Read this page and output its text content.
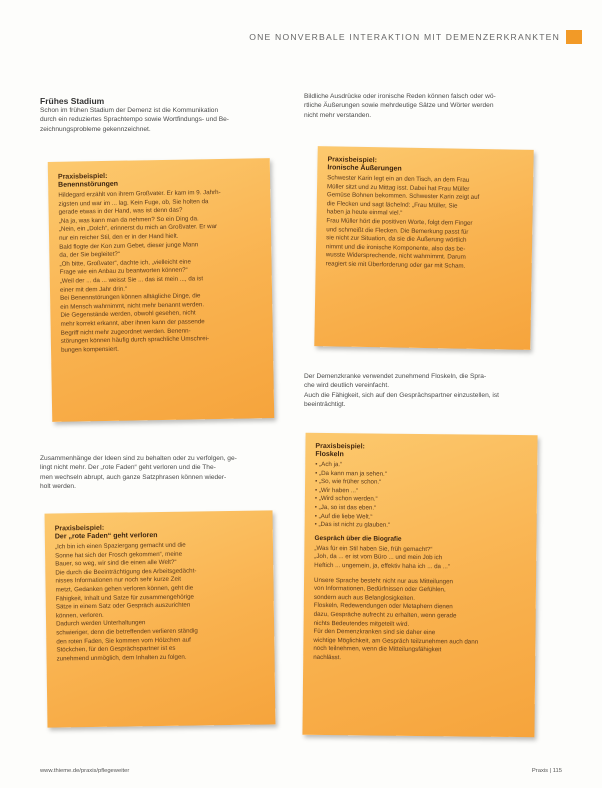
ONE NONVERBALE INTERAKTION MIT DEMENZERKRANKTEN
Frühes Stadium
Schon im frühen Stadium der Demenz ist die Kommunikation
durch ein reduziertes Sprachtempo sowie Wortfindungs- und Be-
zeichnungsprobleme gekennzeichnet.
Bildliche Ausdrücke oder ironische Reden können falsch oder wö-
rtliche Äußerungen sowie mehrdeutige Sätze und Wörter werden
nicht mehr verstanden.
Praxisbeispiel:
Benennstörungen
Hildegard erzählt von ihrem Großvater. Er kam im 9. Jahrh-
zigsten und war im ... lag. Kein Fuge, ob, Sie holten da
gerade etwas in der Hand, was ist denn das?
„Na ja, was kann man da nehmen? So ein Ding da.
„Nein, ein „Dolch“, erinnerst du mich an Großvater. Er war
nur ein reicher Stil, den er in der Hand hielt.
Bald flogte der Kon zum Gebet, dieser junge Mann
da, der Sie begleitet?“
„Oh bitte, Großvater“, dachte ich, „vielleicht eine
Frage wie ein Anbau zu beantworten können?“
„Weil der ... da ... weisst Sie ... das ist mein ..., da ist
einer mit dem Jahr drin.“
Bei Benennstörungen können alltägliche Dinge, die
ein Mensch wahrnimmt, nicht mehr benannt werden.
Die Gegenstände werden, obwohl gesehen, nicht
mehr korrekt erkannt, aber ihnen kann der passende
Begriff nicht mehr zugeordnet werden. Benenn-
störungen können häufig durch sprachliche Umschrei-
bungen kompensiert.
Praxisbeispiel:
Ironische Äußerungen
Schwester Karin legt ein an den Tisch, an dem Frau
Müller sitzt und zu Mittag isst. Dabei hat Frau Müller
Gemüse Bohnen bekommen. Schwester Karin zeigt auf
die Flecken und sagt lächelnd: „Frau Müller, Sie
haben ja heute einmal viel.“
Frau Müller hört die positiven Worte, folgt dem Finger
und schmeißt die Flecken. Die Bemerkung passt für
sie nicht zur Situation, da sie die Äußerung wörtlich
nimmt und die ironische Komponente, also das be-
wusste Widersprechende, nicht wahrnimmt. Darum
reagiert sie mit Überforderung oder gar mit Scham.
Der Demenzkranke verwendet zunehmend Floskeln, die Spra-
che wird deutlich vereinfacht.
Auch die Fähigkeit, sich auf den Gesprächspartner einzustellen, ist
beeinträchtigt.
Zusammenhänge der Ideen sind zu behalten oder zu verfolgen, ge-
lingt nicht mehr. Der „rote Faden“ geht verloren und die The-
men wechseln abrupt, auch ganze Satzphrasen können wieder-
holt werden.
Praxisbeispiel:
Der „rote Faden“ geht verloren
„Ich bin ich einen Spaziergang gemacht und die
Sonne hat sich der Frosch gekommen“, meine
Bauer, so weg, wir sind die einen alle Welt?“
Die durch die Beeinträchtigung des Arbeitsgedächt-
nisses Informationen nur noch sehr kurze Zeit
metzt, Gedanken gehen verloren können, geht die
Fähigkeit, Inhalt und Satze für zusammengehörige
Sätze in einem Satz oder Gespräch auszurichten
können, verloren.
Dadurch werden Unterhaltungen
schwieriger, denn die betreffenden verlieren ständig
den roten Faden, Sie kommen vom Hölzchen auf
Stöckchen, für den Gesprächspartner ist es
zunehmend unmöglich, dem Inhalten zu folgen.
Praxisbeispiel:
Floskeln
• „Ach ja.“
• „Da kann man ja sehen.“
• „So, wie früher schon.“
• „Wir haben ...“
• „Wird schon werden.“
• „Ja, so ist das eben.“
• „Auf die liebe Welt.“
• „Das ist nicht zu glauben.“
Gespräch über die Biografie
„Was für ein Stil haben Sie, früh gemacht?“
„Joh, da ... er ist vom Büro ... und mein Job ich
Heftich ... ungemein, ja, effektiv haha ich ... da ...“
Unsere Sprache besteht nicht nur aus Mitteilungen
von Informationen, Bedürfnissen oder Gefühlen,
sondern auch aus Belanglosigkeiten.
Floskeln, Redewendungen oder Metaphern dienen
dazu, Gespräche aufrecht zu erhalten, wenn gerade
nichts Bedeutendes mitgeteilt wird.
Für den Demenzkranken sind sie daher eine
wichtige Möglichkeit, am Gespräch teilzunehmen auch dann
noch teilnehmen, wenn die Mitteilungsfähigkeit
nachlässt.
www.thieme.de/praxis/pflegeweiter	Praxis | 115
